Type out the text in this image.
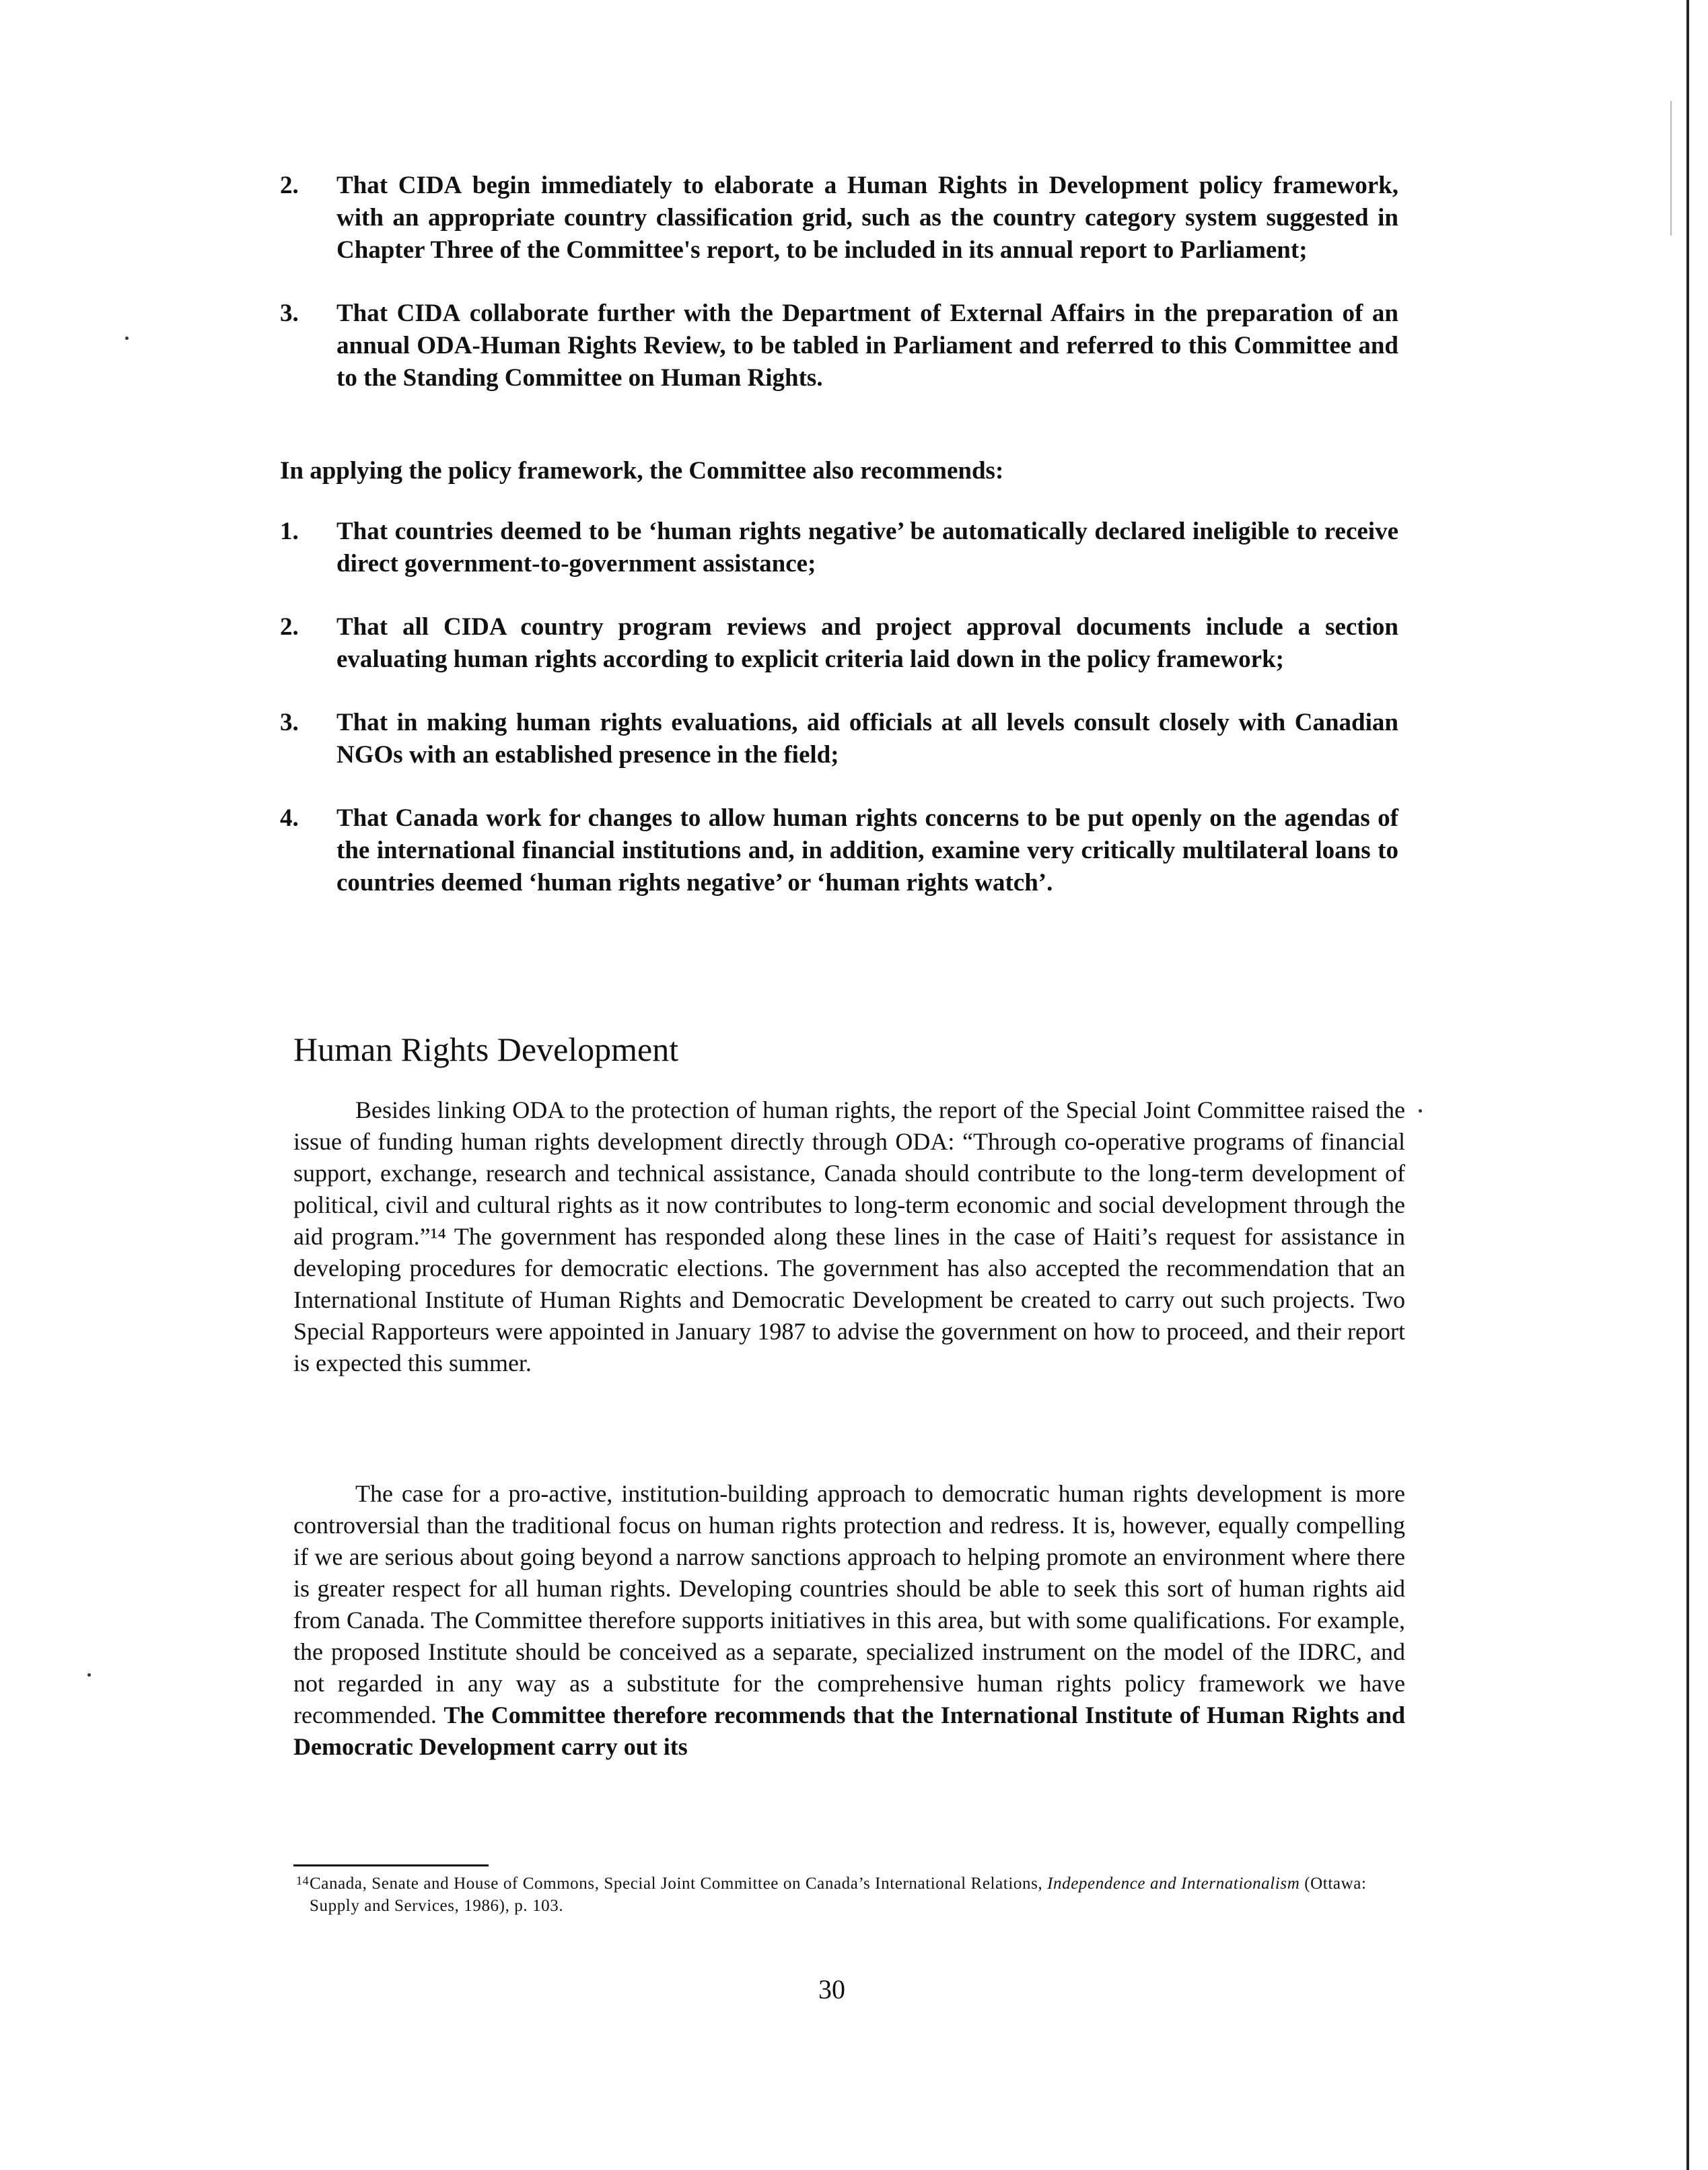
2. That CIDA begin immediately to elaborate a Human Rights in Development policy framework, with an appropriate country classification grid, such as the country category system suggested in Chapter Three of the Committee's report, to be included in its annual report to Parliament;

3. That CIDA collaborate further with the Department of External Affairs in the preparation of an annual ODA-Human Rights Review, to be tabled in Parliament and referred to this Committee and to the Standing Committee on Human Rights.

In applying the policy framework, the Committee also recommends:
1. That countries deemed to be ‘human rights negative’ be automatically declared ineligible to receive direct government-to-government assistance;

2. That all CIDA country program reviews and project approval documents include a section evaluating human rights according to explicit criteria laid down in the policy framework;

3. That in making human rights evaluations, aid officials at all levels consult closely with Canadian NGOs with an established presence in the field;

4. That Canada work for changes to allow human rights concerns to be put openly on the agendas of the international financial institutions and, in addition, examine very critically multilateral loans to countries deemed ‘human rights negative’ or ‘human rights watch’.

Human Rights Development

Besides linking ODA to the protection of human rights, the report of the Special Joint Committee raised the issue of funding human rights development directly through ODA: “Through co-operative programs of financial support, exchange, research and technical assistance, Canada should contribute to the long-term development of political, civil and cultural rights as it now contributes to long-term economic and social development through the aid program.”¹⁴ The government has responded along these lines in the case of Haiti’s request for assistance in developing procedures for democratic elections. The government has also accepted the recommendation that an International Institute of Human Rights and Democratic Development be created to carry out such projects. Two Special Rapporteurs were appointed in January 1987 to advise the government on how to proceed, and their report is expected this summer.

The case for a pro-active, institution-building approach to democratic human rights development is more controversial than the traditional focus on human rights protection and redress. It is, however, equally compelling if we are serious about going beyond a narrow sanctions approach to helping promote an environment where there is greater respect for all human rights. Developing countries should be able to seek this sort of human rights aid from Canada. The Committee therefore supports initiatives in this area, but with some qualifications. For example, the proposed Institute should be conceived as a separate, specialized instrument on the model of the IDRC, and not regarded in any way as a substitute for the comprehensive human rights policy framework we have recommended. The Committee therefore recommends that the International Institute of Human Rights and Democratic Development carry out its

14 Canada, Senate and House of Commons, Special Joint Committee on Canada’s International Relations, Independence and Internationalism (Ottawa: Supply and Services, 1986), p. 103.

30
